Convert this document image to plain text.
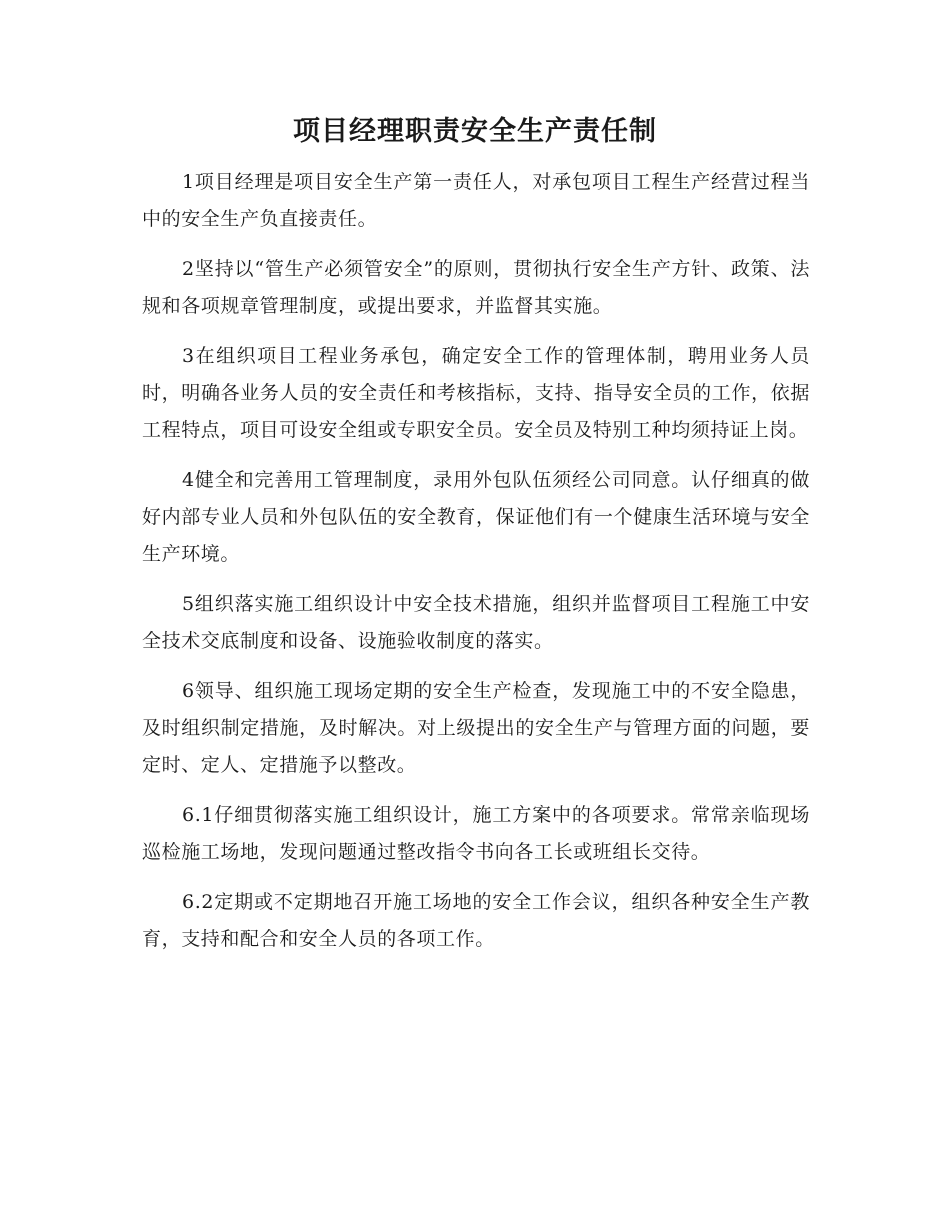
项目经理职责安全生产责任制

1项目经理是项目安全生产第一责任人，对承包项目工程生产经营过程当中的安全生产负直接责任。

2坚持以“管生产必须管安全”的原则，贯彻执行安全生产方针、政策、法规和各项规章管理制度，或提出要求，并监督其实施。

3在组织项目工程业务承包，确定安全工作的管理体制，聘用业务人员时，明确各业务人员的安全责任和考核指标，支持、指导安全员的工作，依据工程特点，项目可设安全组或专职安全员。安全员及特别工种均须持证上岗。

4健全和完善用工管理制度，录用外包队伍须经公司同意。认仔细真的做好内部专业人员和外包队伍的安全教育，保证他们有一个健康生活环境与安全生产环境。

5组织落实施工组织设计中安全技术措施，组织并监督项目工程施工中安全技术交底制度和设备、设施验收制度的落实。

6领导、组织施工现场定期的安全生产检查，发现施工中的不安全隐患，及时组织制定措施，及时解决。对上级提出的安全生产与管理方面的问题，要定时、定人、定措施予以整改。

6.1仔细贯彻落实施工组织设计，施工方案中的各项要求。常常亲临现场巡检施工场地，发现问题通过整改指令书向各工长或班组长交待。

6.2定期或不定期地召开施工场地的安全工作会议，组织各种安全生产教育，支持和配合和安全人员的各项工作。
